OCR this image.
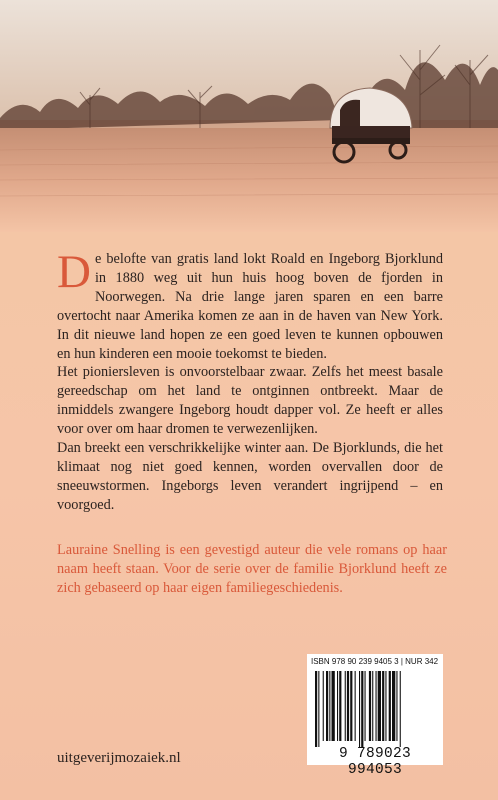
D e belofte van gratis land lokt Roald en Ingeborg Bjorklund in 1880 weg uit hun huis hoog boven de fjorden in Noorwegen. Na drie lange jaren sparen en een barre overtocht naar Amerika komen ze aan in de haven van New York. In dit nieuwe land hopen ze een goed leven te kunnen opbouwen en hun kinderen een mooie toekomst te bieden.

Het pioniersleven is onvoorstelbaar zwaar. Zelfs het meest basale gereedschap om het land te ontginnen ontbreekt. Maar de inmiddels zwangere Ingeborg houdt dapper vol. Ze heeft er alles voor over om haar dromen te verwezenlijken.

Dan breekt een verschrikkelijke winter aan. De Bjorklunds, die het klimaat nog niet goed kennen, worden overvallen door de sneeuwstormen. Ingeborgs leven verandert ingrijpend – en voorgoed.

Lauraine Snelling is een gevestigd auteur die vele romans op haar naam heeft staan. Voor de serie over de familie Bjorklund heeft ze zich gebaseerd op haar eigen familiegeschiedenis.

ISBN 978 90 239 9405 3 | NUR 342
9 789023 994053
uitgeverijmozaiek.nl
